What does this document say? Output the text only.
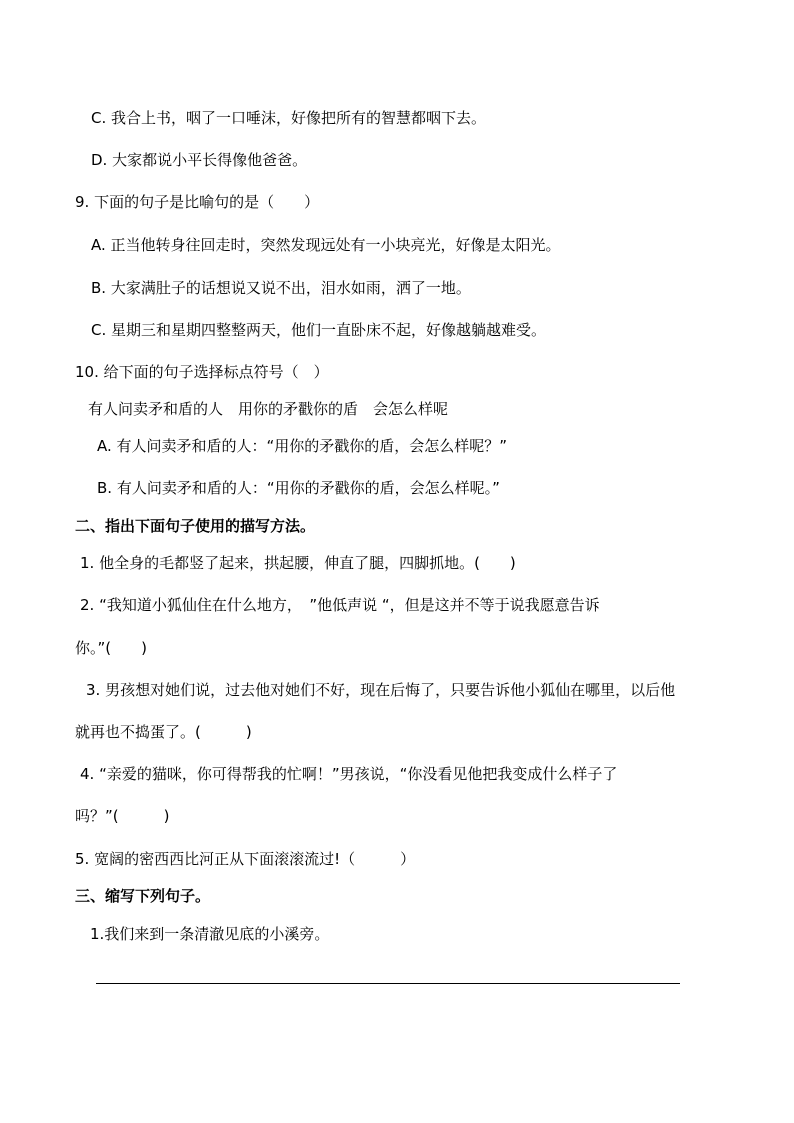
C. 我合上书，咽了一口唾沫，好像把所有的智慧都咽下去。
D. 大家都说小平长得像他爸爸。
9. 下面的句子是比喻句的是（　　）
A. 正当他转身往回走时，突然发现远处有一小块亮光，好像是太阳光。
B. 大家满肚子的话想说又说不出，泪水如雨，洒了一地。
C. 星期三和星期四整整两天，他们一直卧床不起，好像越躺越难受。
10. 给下面的句子选择标点符号（　）
有人问卖矛和盾的人　用你的矛戳你的盾　会怎么样呢
A. 有人问卖矛和盾的人：“用你的矛戳你的盾，会怎么样呢？”
B. 有人问卖矛和盾的人：“用你的矛戳你的盾，会怎么样呢。”
二、指出下面句子使用的描写方法。
1. 他全身的毛都竖了起来，拱起腰，伸直了腿，四脚抓地。(　　)
2. “我知道小狐仙住在什么地方，　”他低声说 “，但是这并不等于说我愿意告诉
你。”(　　)
3. 男孩想对她们说，过去他对她们不好，现在后悔了，只要告诉他小狐仙在哪里，以后他
就再也不捣蛋了。(　　　)
4. “亲爱的猫咪，你可得帮我的忙啊！”男孩说，“你没看见他把我变成什么样子了
吗？”(　　　)
5. 宽阔的密西西比河正从下面滚滚流过!（　　　）
三、缩写下列句子。
1.我们来到一条清澈见底的小溪旁。
